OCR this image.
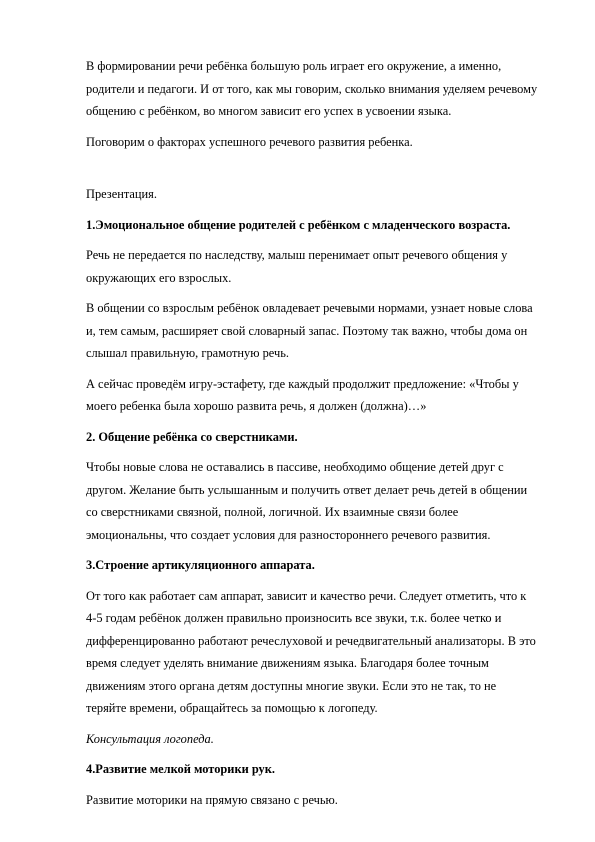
В формировании речи ребёнка большую роль играет его окружение, а именно, родители и педагоги. И от того, как мы говорим, сколько внимания уделяем речевому общению с ребёнком, во многом зависит его успех в усвоении языка.

Поговорим о факторах успешного речевого развития ребенка.

Презентация.

1.Эмоциональное общение родителей с ребёнком с младенческого возраста.

Речь не передается по наследству, малыш перенимает опыт речевого общения у окружающих его взрослых.

В общении со взрослым ребёнок овладевает речевыми нормами, узнает новые слова и, тем самым, расширяет свой словарный запас. Поэтому так важно, чтобы дома он слышал правильную, грамотную речь.

А сейчас проведём игру-эстафету, где каждый продолжит предложение: «Чтобы у моего ребенка была хорошо развита речь, я должен (должна)…»

2. Общение ребёнка со сверстниками.

Чтобы новые слова не оставались в пассиве, необходимо общение детей друг с другом. Желание быть услышанным и получить ответ делает речь детей в общении со сверстниками связной, полной, логичной. Их взаимные связи более эмоциональны, что создает условия для разностороннего речевого развития.

3.Строение артикуляционного аппарата.

От того как работает сам аппарат, зависит и качество речи. Следует отметить, что к 4-5 годам ребёнок должен правильно произносить все звуки, т.к. более четко и дифференцированно работают речеслуховой и речедвигательный анализаторы. В это время следует уделять внимание движениям языка. Благодаря более точным движениям этого органа детям доступны многие звуки. Если это не так, то не теряйте времени, обращайтесь за помощью к логопеду.

Консультация логопеда.

4.Развитие мелкой моторики рук.

Развитие моторики на прямую связано с речью.
